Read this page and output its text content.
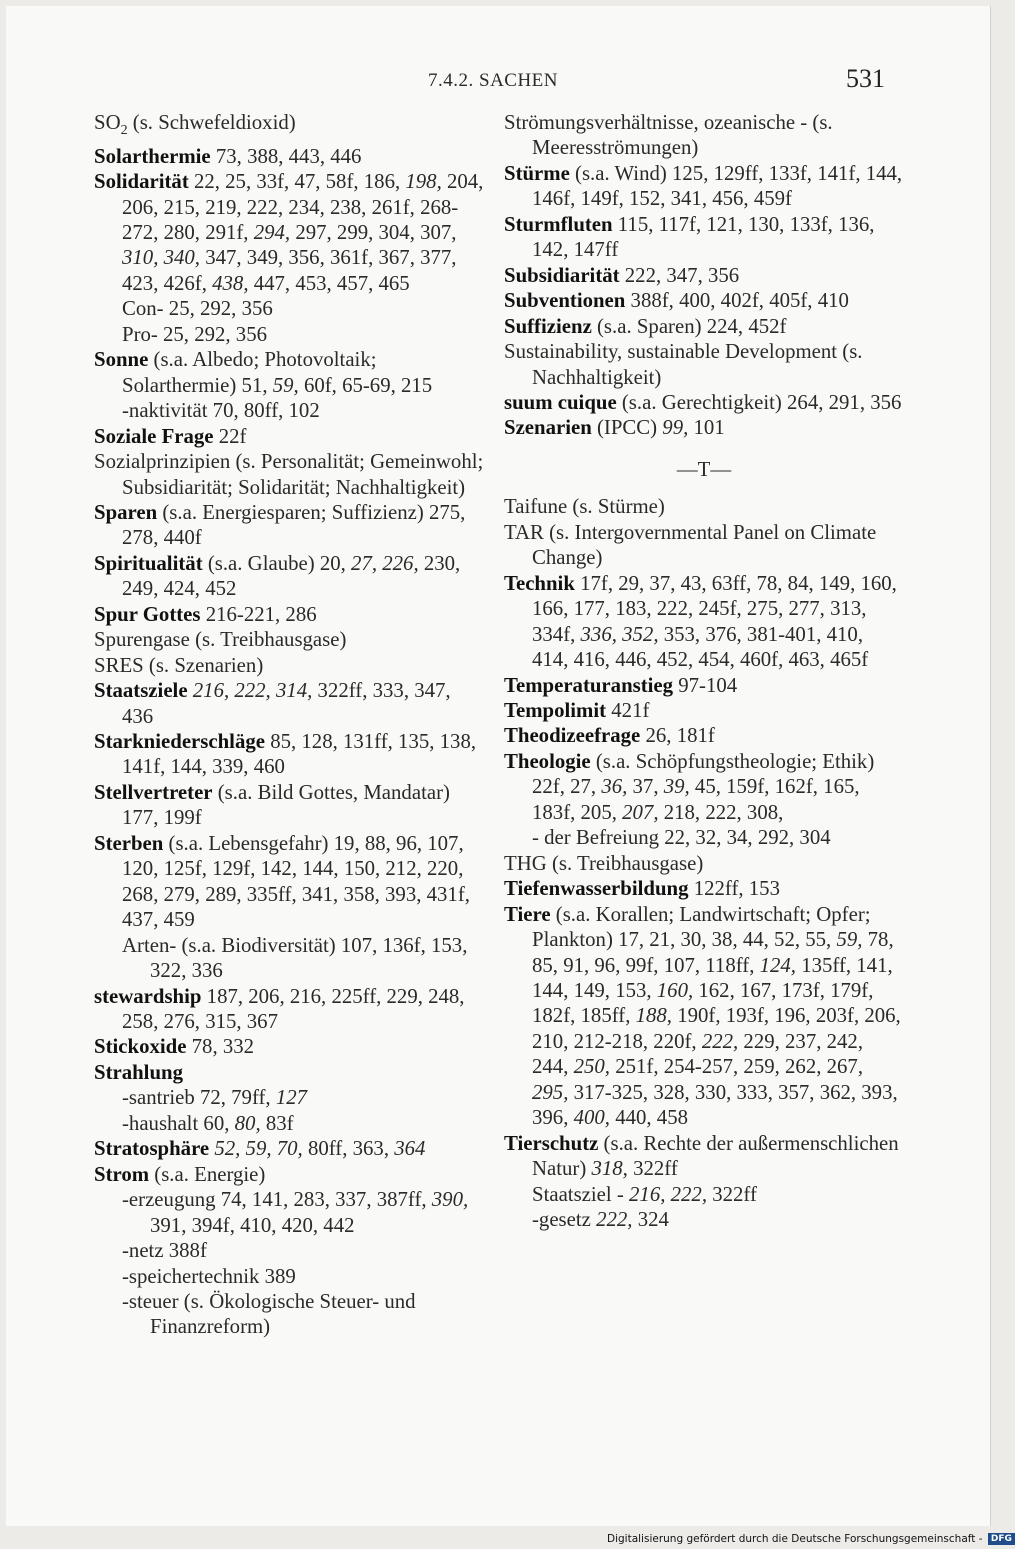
7.4.2. SACHEN	531

$SO_2$ (s. Schwefeldioxid)

Solarthermie 73, 388, 443, 446

Solidarität 22, 25, 33f, 47, 58f, 186, 198, 204, 206, 215, 219, 222, 234, 238, 261f, 268-272, 280, 291f, 294, 297, 299, 304, 307, 310, 340, 347, 349, 356, 361f, 367, 377, 423, 426f, 438, 447, 453, 457, 465

Con- 25, 292, 356

Pro- 25, 292, 356

Sonne (s.a. Albedo; Photovoltaik; Solarthermie) 51, 59, 60f, 65-69, 215

-naktivität 70, 80ff, 102

Soziale Frage 22f

Sozialprinzipien (s. Personalität; Gemeinwohl; Subsidiarität; Solidarität; Nachhaltigkeit)

Sparen (s.a. Energiesparen; Suffizienz) 275, 278, 440f

Spiritualität (s.a. Glaube) 20, 27, 226, 230, 249, 424, 452

Spur Gottes 216-221, 286

Spurengase (s. Treibhausgase)

SRES (s. Szenarien)

Staatsziele 216, 222, 314, 322ff, 333, 347, 436

Starkniederschläge 85, 128, 131ff, 135, 138, 141f, 144, 339, 460

Stellvertreter (s.a. Bild Gottes, Mandatar) 177, 199f

Sterben (s.a. Lebensgefahr) 19, 88, 96, 107, 120, 125f, 129f, 142, 144, 150, 212, 220, 268, 279, 289, 335ff, 341, 358, 393, 431f, 437, 459

Arten- (s.a. Biodiversität) 107, 136f, 153, 322, 336

stewardship 187, 206, 216, 225ff, 229, 248, 258, 276, 315, 367

Stickoxide 78, 332

Strahlung

-santrieb 72, 79ff, 127

-haushalt 60, 80, 83f

Stratosphäre 52, 59, 70, 80ff, 363, 364

Strom (s.a. Energie)

-erzeugung 74, 141, 283, 337, 387ff, 390, 391, 394f, 410, 420, 442

-netz 388f

-speichertechnik 389

-steuer (s. Ökologische Steuer- und Finanzreform)

Strömungsverhältnisse, ozeanische - (s. Meeresströmungen)

Stürme (s.a. Wind) 125, 129ff, 133f, 141f, 144, 146f, 149f, 152, 341, 456, 459f

Sturmfluten 115, 117f, 121, 130, 133f, 136, 142, 147ff

Subsidiarität 222, 347, 356

Subventionen 388f, 400, 402f, 405f, 410

Suffizienz (s.a. Sparen) 224, 452f

Sustainability, sustainable Development (s. Nachhaltigkeit)

suum cuique (s.a. Gerechtigkeit) 264, 291, 356

Szenarien (IPCC) 99, 101

—T—

Taifune (s. Stürme)

TAR (s. Intergovernmental Panel on Climate Change)

Technik 17f, 29, 37, 43, 63ff, 78, 84, 149, 160, 166, 177, 183, 222, 245f, 275, 277, 313, 334f, 336, 352, 353, 376, 381-401, 410, 414, 416, 446, 452, 454, 460f, 463, 465f

Temperaturanstieg 97-104

Tempolimit 421f

Theodizeefrage 26, 181f

Theologie (s.a. Schöpfungstheologie; Ethik) 22f, 27, 36, 37, 39, 45, 159f, 162f, 165, 183f, 205, 207, 218, 222, 308,

- der Befreiung 22, 32, 34, 292, 304

THG (s. Treibhausgase)

Tiefenwasserbildung 122ff, 153

Tiere (s.a. Korallen; Landwirtschaft; Opfer; Plankton) 17, 21, 30, 38, 44, 52, 55, 59, 78, 85, 91, 96, 99f, 107, 118ff, 124, 135ff, 141, 144, 149, 153, 160, 162, 167, 173f, 179f, 182f, 185ff, 188, 190f, 193f, 196, 203f, 206, 210, 212-218, 220f, 222, 229, 237, 242, 244, 250, 251f, 254-257, 259, 262, 267, 295, 317-325, 328, 330, 333, 357, 362, 393, 396, 400, 440, 458

Tierschutz (s.a. Rechte der außermenschlichen Natur) 318, 322ff

Staatsziel - 216, 222, 322ff

-gesetz 222, 324

Digitalisierung gefördert durch die Deutsche Forschungsgemeinschaft - DFG
